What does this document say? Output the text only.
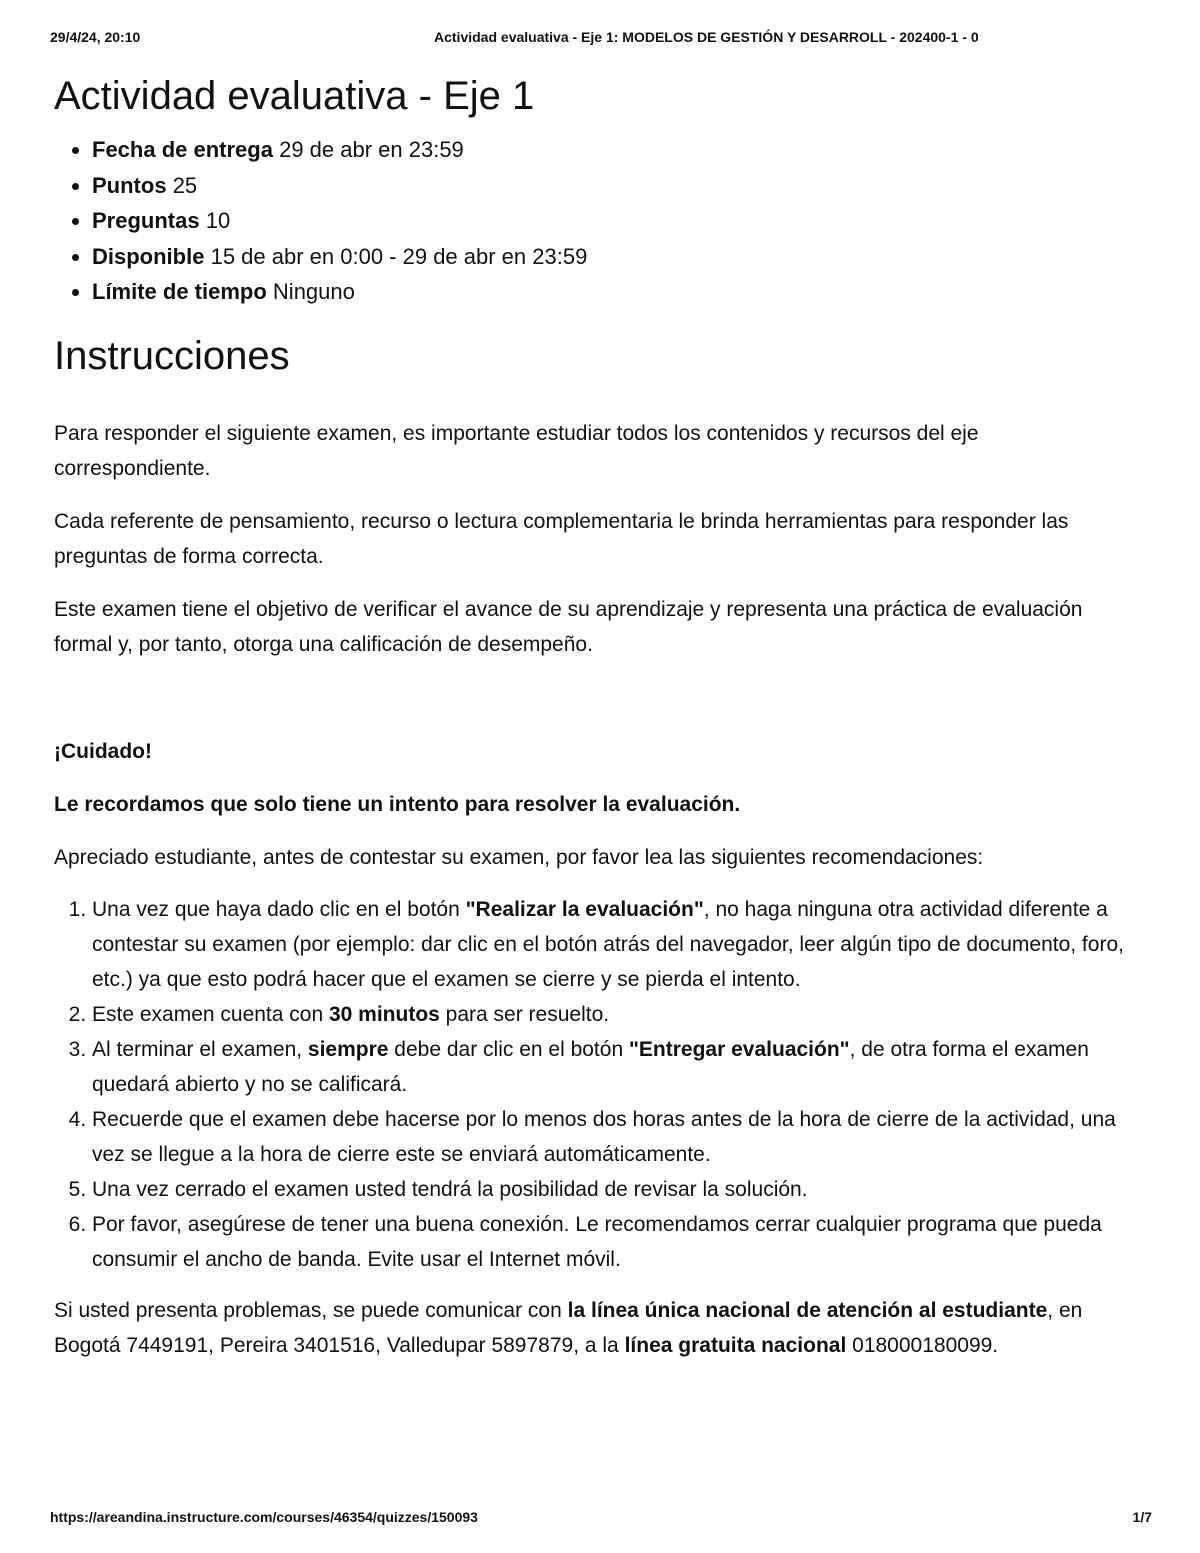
29/4/24, 20:10	Actividad evaluativa - Eje 1: MODELOS DE GESTIÓN Y DESARROLL - 202400-1 - 0
Actividad evaluativa - Eje 1
• Fecha de entrega 29 de abr en 23:59
• Puntos 25
• Preguntas 10
• Disponible 15 de abr en 0:00 - 29 de abr en 23:59
• Límite de tiempo Ninguno
Instrucciones

Para responder el siguiente examen, es importante estudiar todos los contenidos y recursos del eje correspondiente.

Cada referente de pensamiento, recurso o lectura complementaria le brinda herramientas para responder las preguntas de forma correcta.

Este examen tiene el objetivo de verificar el avance de su aprendizaje y representa una práctica de evaluación formal y, por tanto, otorga una calificación de desempeño.

¡Cuidado!

Le recordamos que solo tiene un intento para resolver la evaluación.

Apreciado estudiante, antes de contestar su examen, por favor lea las siguientes recomendaciones:

1. Una vez que haya dado clic en el botón "Realizar la evaluación", no haga ninguna otra actividad diferente a contestar su examen (por ejemplo: dar clic en el botón atrás del navegador, leer algún tipo de documento, foro, etc.) ya que esto podrá hacer que el examen se cierre y se pierda el intento.
2. Este examen cuenta con 30 minutos para ser resuelto.
3. Al terminar el examen, siempre debe dar clic en el botón "Entregar evaluación", de otra forma el examen quedará abierto y no se calificará.
4. Recuerde que el examen debe hacerse por lo menos dos horas antes de la hora de cierre de la actividad, una vez se llegue a la hora de cierre este se enviará automáticamente.
5. Una vez cerrado el examen usted tendrá la posibilidad de revisar la solución.
6. Por favor, asegúrese de tener una buena conexión. Le recomendamos cerrar cualquier programa que pueda consumir el ancho de banda. Evite usar el Internet móvil.

Si usted presenta problemas, se puede comunicar con la línea única nacional de atención al estudiante, en Bogotá 7449191, Pereira 3401516, Valledupar 5897879, a la línea gratuita nacional 018000180099.

https://areandina.instructure.com/courses/46354/quizzes/150093	1/7
